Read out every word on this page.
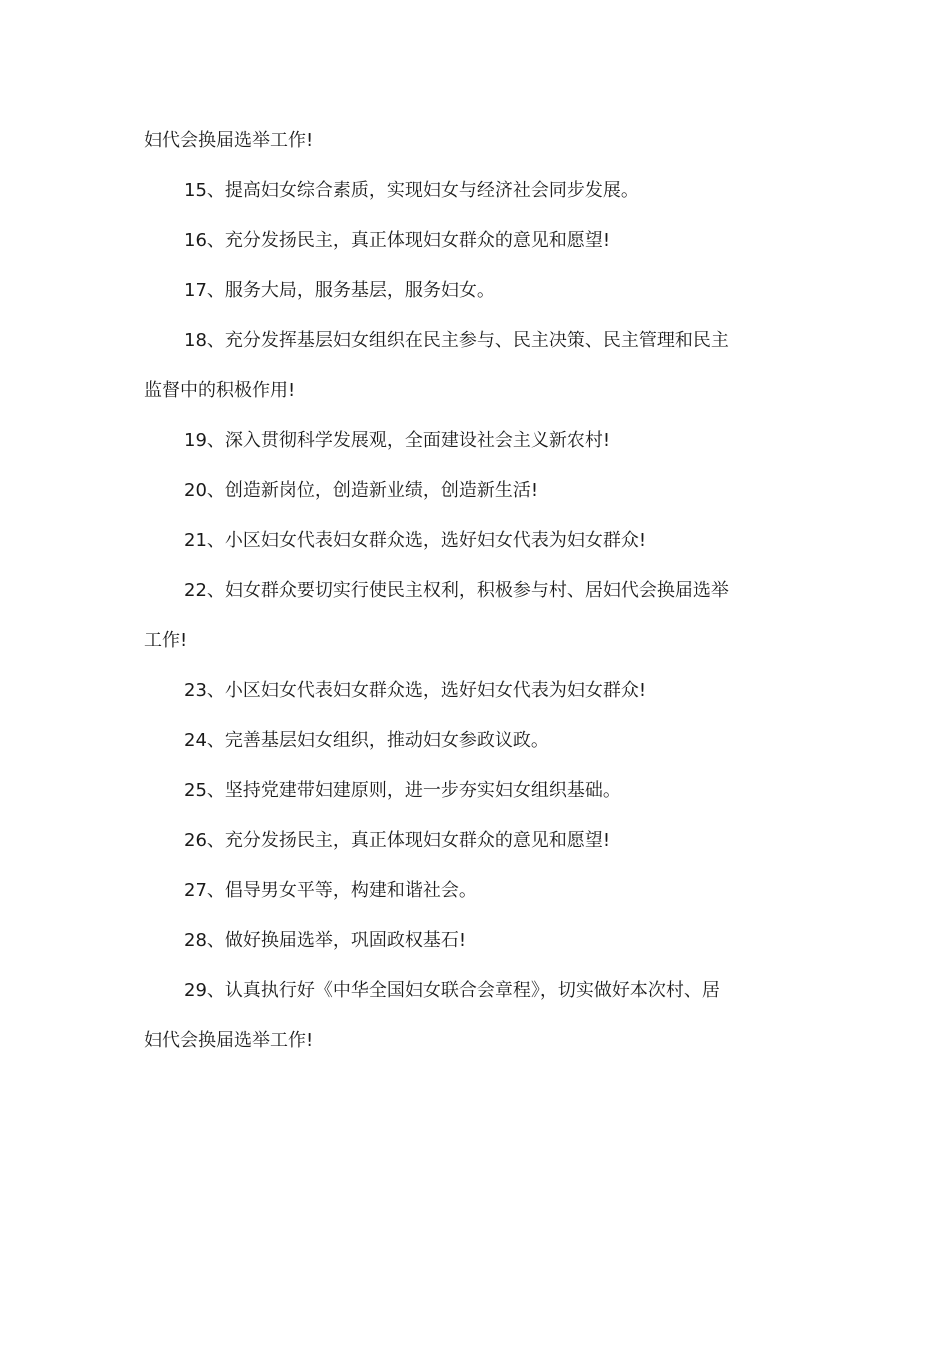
妇代会换届选举工作!
15、提高妇女综合素质，实现妇女与经济社会同步发展。
16、充分发扬民主，真正体现妇女群众的意见和愿望!
17、服务大局，服务基层，服务妇女。
18、充分发挥基层妇女组织在民主参与、民主决策、民主管理和民主
监督中的积极作用!
19、深入贯彻科学发展观，全面建设社会主义新农村!
20、创造新岗位，创造新业绩，创造新生活!
21、小区妇女代表妇女群众选，选好妇女代表为妇女群众!
22、妇女群众要切实行使民主权利，积极参与村、居妇代会换届选举
工作!
23、小区妇女代表妇女群众选，选好妇女代表为妇女群众!
24、完善基层妇女组织，推动妇女参政议政。
25、坚持党建带妇建原则，进一步夯实妇女组织基础。
26、充分发扬民主，真正体现妇女群众的意见和愿望!
27、倡导男女平等，构建和谐社会。
28、做好换届选举，巩固政权基石!
29、认真执行好《中华全国妇女联合会章程》，切实做好本次村、居
妇代会换届选举工作!
